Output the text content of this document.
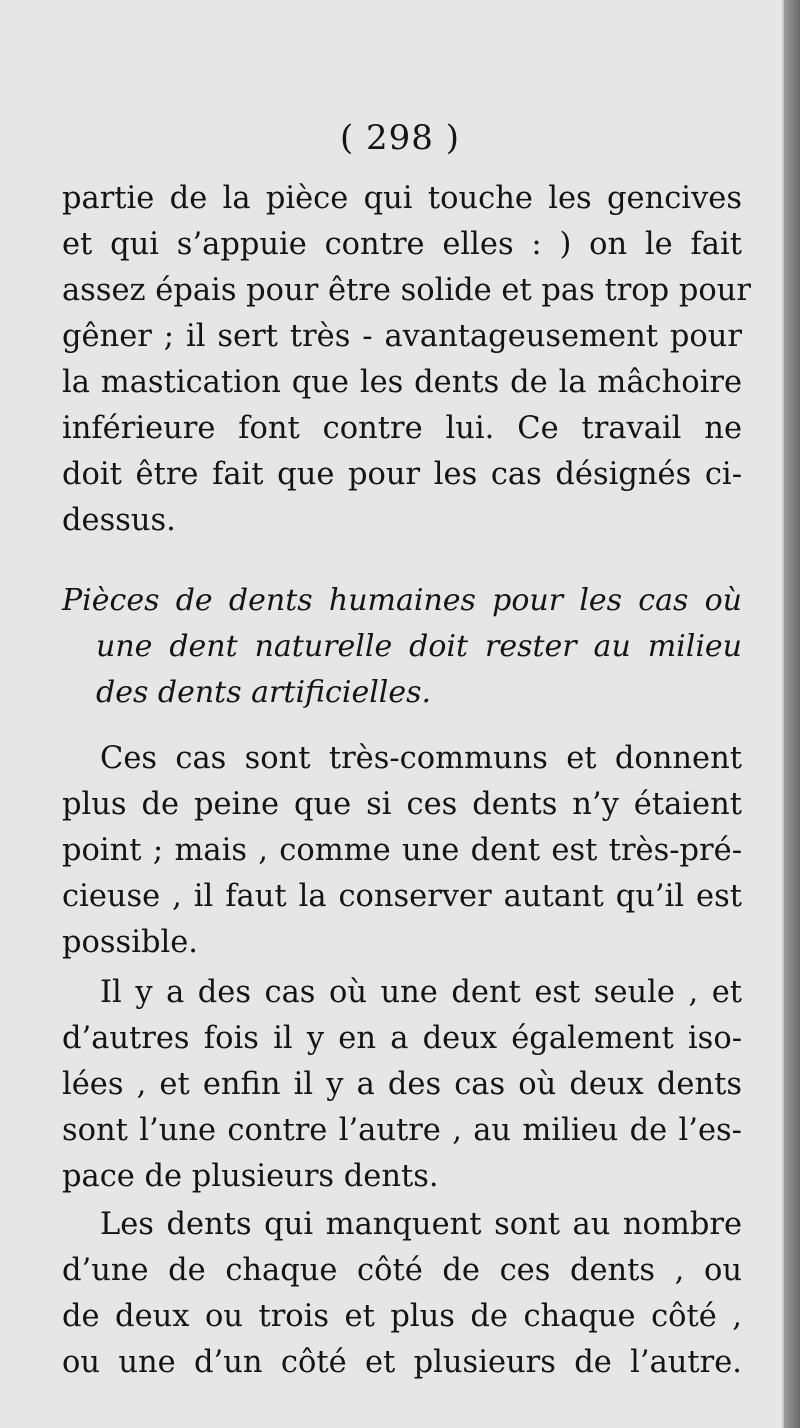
( 298 )
partie de la pièce qui touche les gencives
et qui s’appuie contre elles : ) on le fait
assez épais pour être solide et pas trop pour
gêner ; il sert très - avantageusement pour
la mastication que les dents de la mâchoire
inférieure font contre lui. Ce travail ne
doit être fait que pour les cas désignés ci-
dessus.
Pièces de dents humaines pour les cas où
une dent naturelle doit rester au milieu
des dents artificielles.
Ces cas sont très-communs et donnent
plus de peine que si ces dents n’y étaient
point ; mais , comme une dent est très-pré-
cieuse , il faut la conserver autant qu’il est
possible.
Il y a des cas où une dent est seule , et
d’autres fois il y en a deux également iso-
lées , et enfin il y a des cas où deux dents
sont l’une contre l’autre , au milieu de l’es-
pace de plusieurs dents.
Les dents qui manquent sont au nombre
d’une de chaque côté de ces dents , ou
de deux ou trois et plus de chaque côté ,
ou une d’un côté et plusieurs de l’autre.
